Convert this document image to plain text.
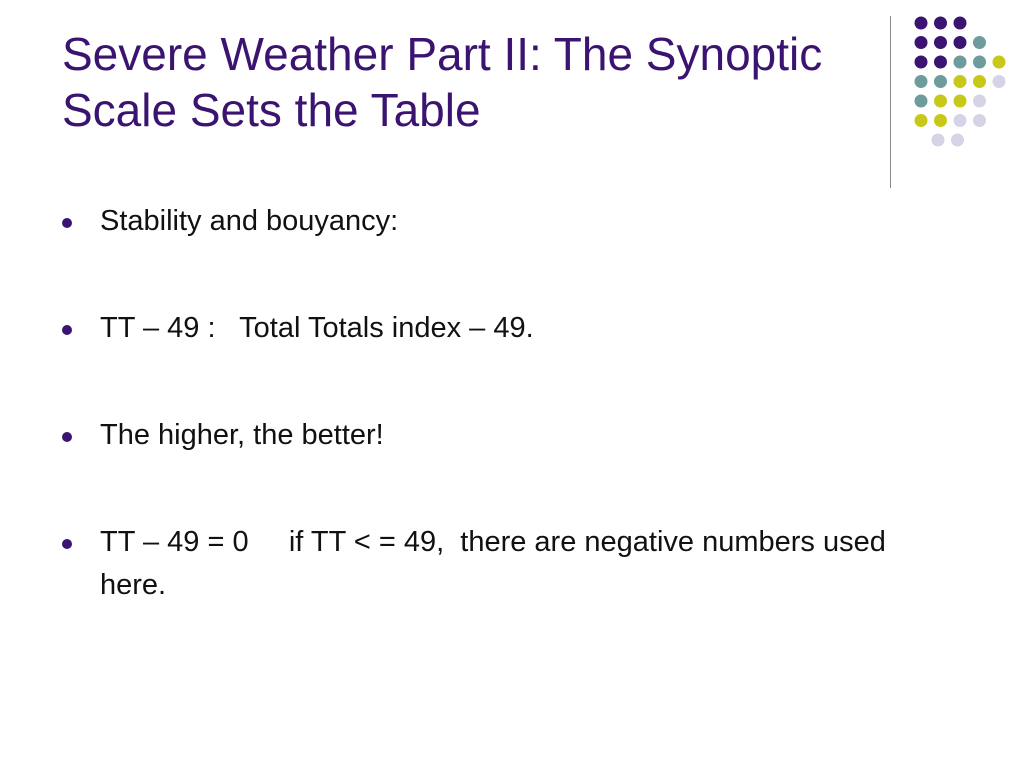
Severe Weather Part II: The Synoptic Scale Sets the Table
Stability and bouyancy:
TT – 49 :   Total Totals index – 49.
The higher, the better!
TT – 49 = 0     if TT < = 49,  there are negative numbers used here.
